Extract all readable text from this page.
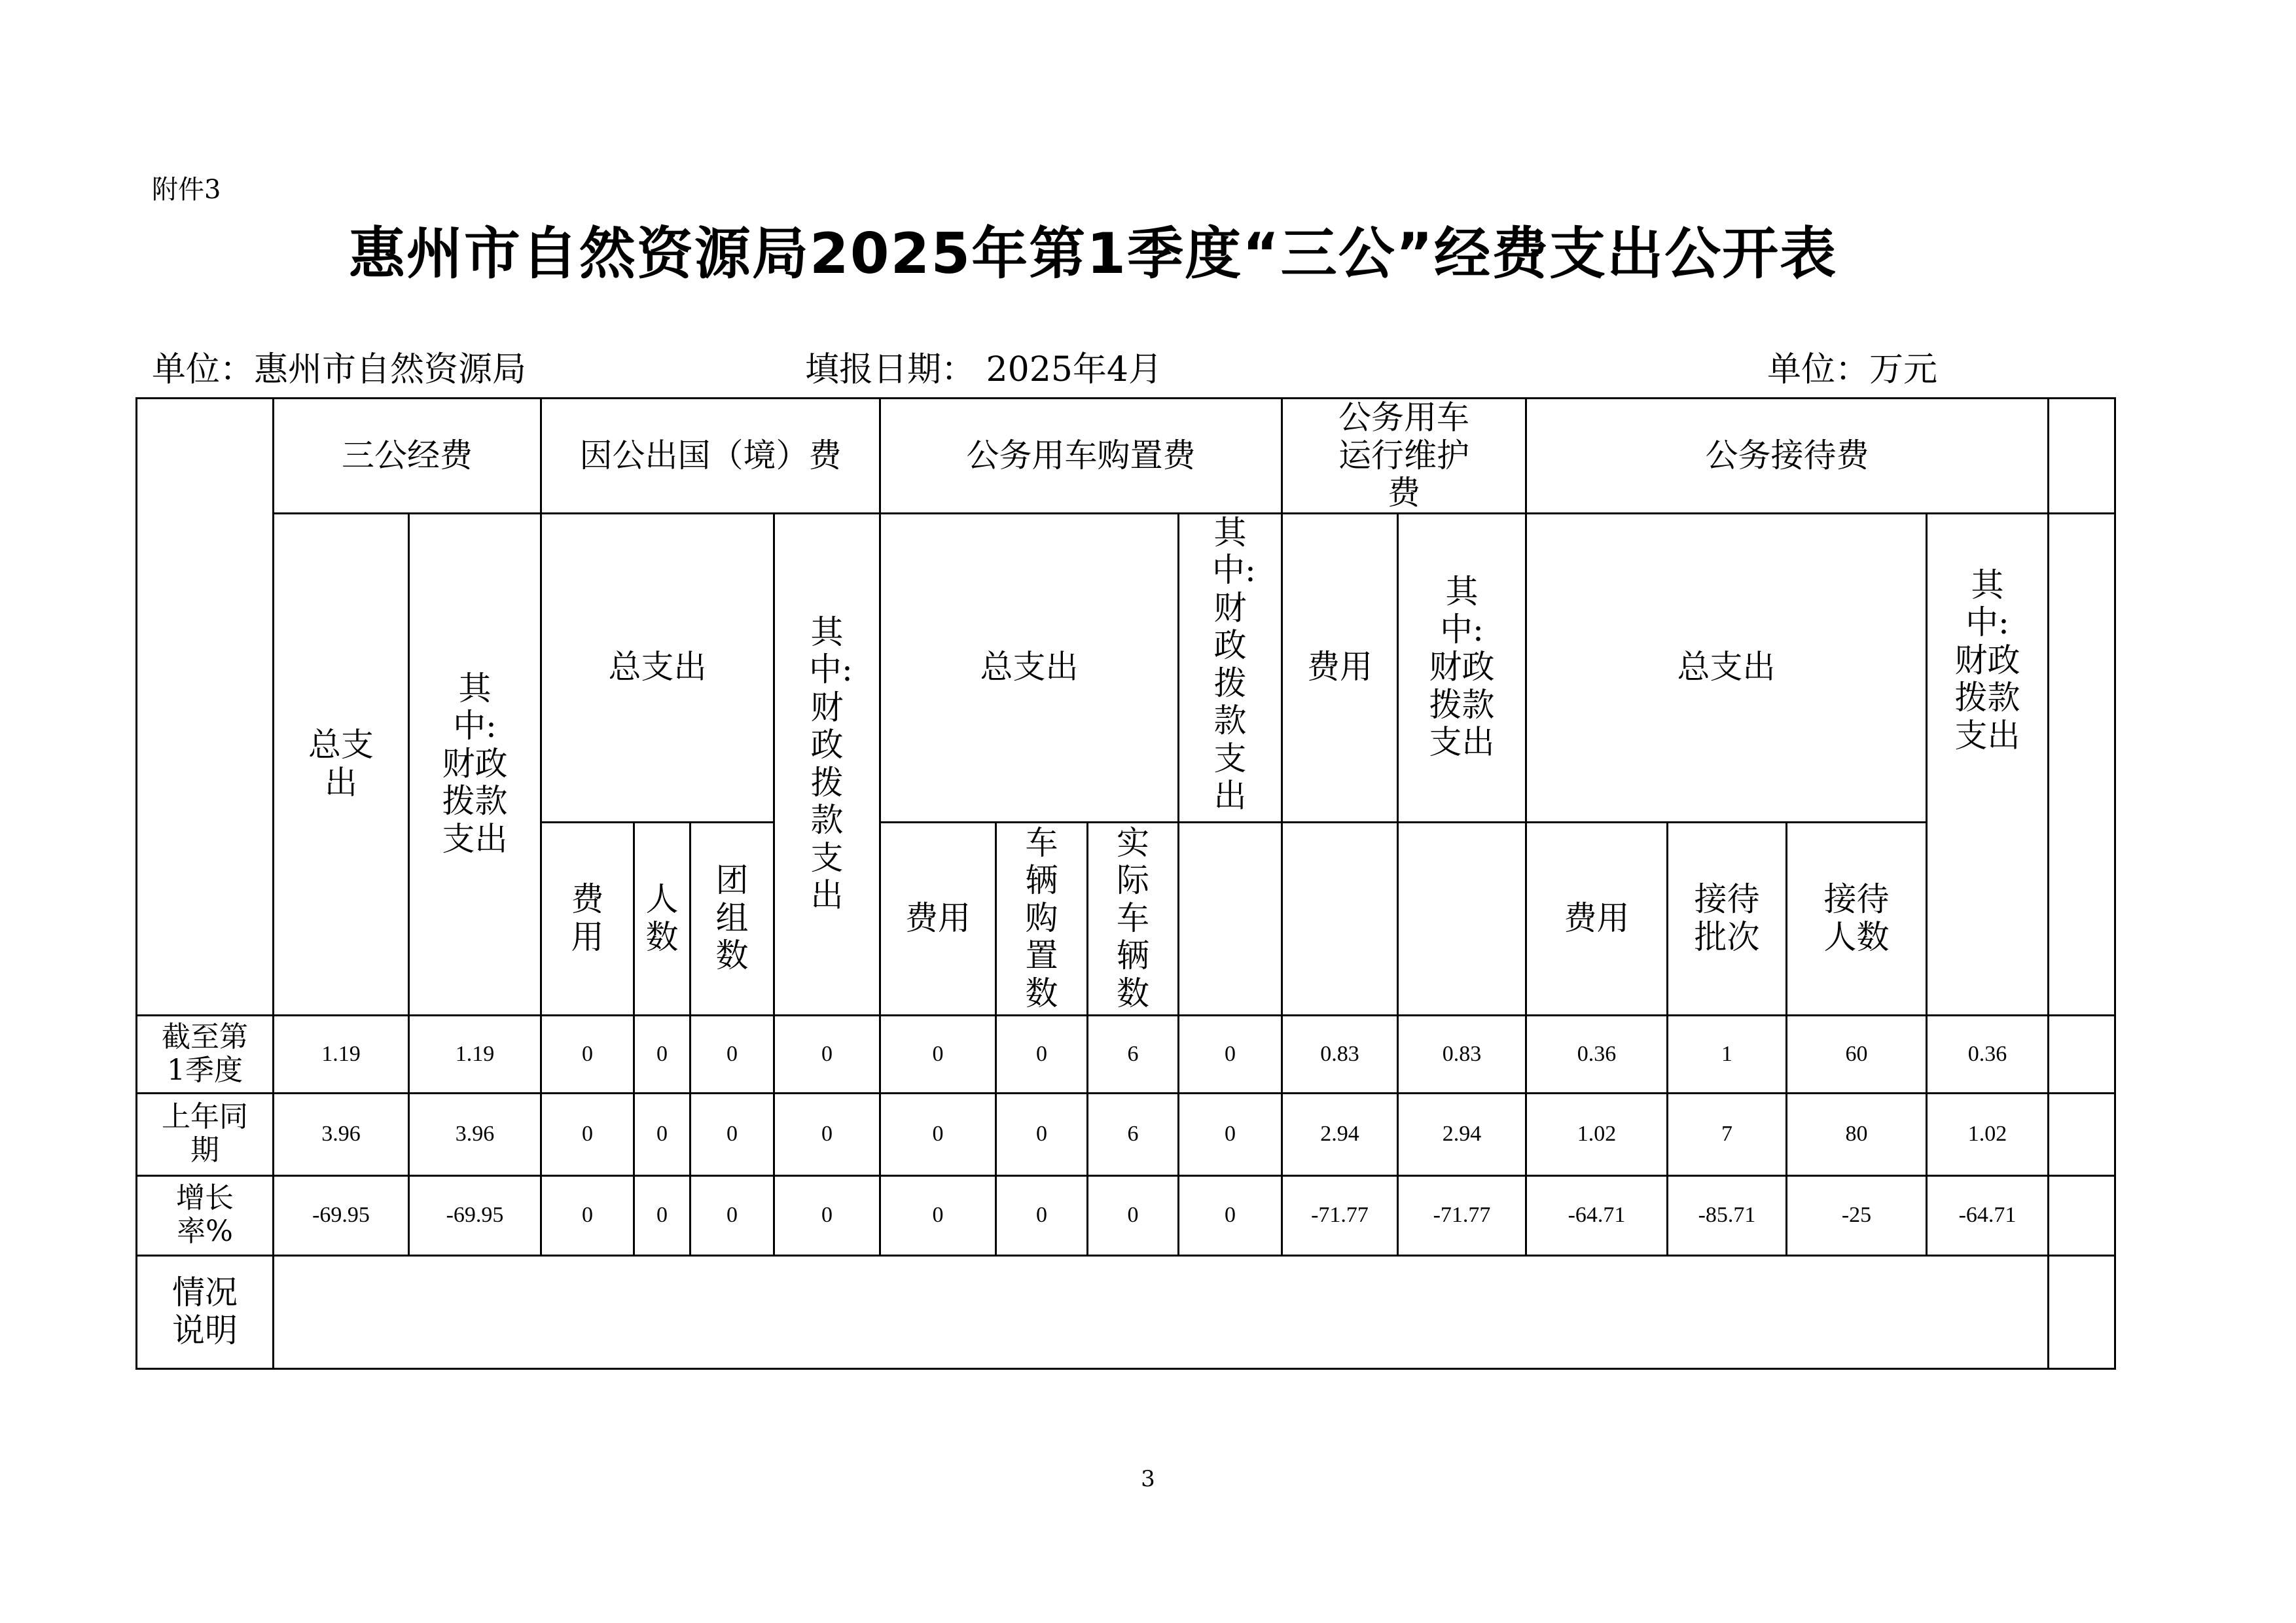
附件3
惠州市自然资源局2025年第1季度“三公”经费支出公开表
单位：惠州市自然资源局	填报日期： 2025年4月	单位：万元
	三公经费		因公出国（境）费				公务用车购置费				公务用车运行维护费		公务接待费				
	总支出	其中:财政拨款支出	总支出			其中:财政拨款支出	总支出			其中:财政拨款支出	费用	其中:财政拨款支出	总支出			其中:财政拨款支出	
			费用	人数	团组数		费用	车辆购置数	实际车辆数				费用	接待批次	接待人数		
截至第1季度	1.19	1.19	0	0	0	0	0	0	6	0	0.83	0.83	0.36	1	60	0.36	
上年同期	3.96	3.96	0	0	0	0	0	0	6	0	2.94	2.94	1.02	7	80	1.02	
增长率%	-69.95	-69.95	0	0	0	0	0	0	0	0	-71.77	-71.77	-64.71	-85.71	-25	-64.71	
情况说明																	
3
